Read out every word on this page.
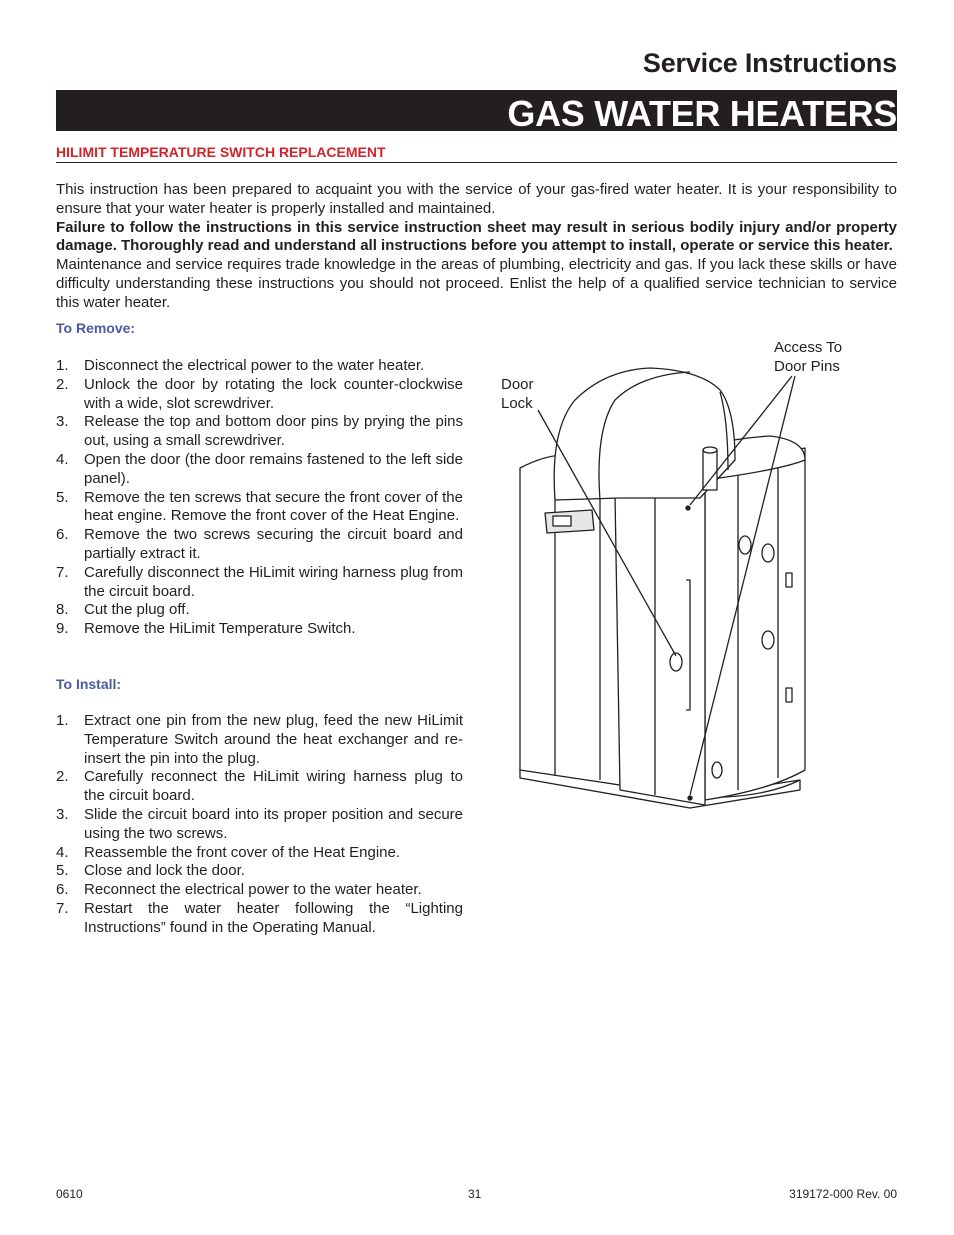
Service Instructions
GAS WATER HEATERS
HILIMIT TEMPERATURE SWITCH REPLACEMENT

This instruction has been prepared to acquaint you with the service of your gas-fired water heater. It is your responsibility to ensure that your water heater is properly installed and maintained.

Failure to follow the instructions in this service instruction sheet may result in serious bodily injury and/or property damage. Thoroughly read and understand all instructions before you attempt to install, operate or service this heater.

Maintenance and service requires trade knowledge in the areas of plumbing, electricity and gas. If you lack these skills or have difficulty understanding these instructions you should not proceed. Enlist the help of a qualified service technician to service this water heater.

To Remove:
1. Disconnect the electrical power to the water heater.
2. Unlock the door by rotating the lock counter-clockwise with a wide, slot screwdriver.
3. Release the top and bottom door pins by prying the pins out, using a small screwdriver.
4. Open the door (the door remains fastened to the left side panel).
5. Remove the ten screws that secure the front cover of the heat engine. Remove the front cover of the Heat Engine.
6. Remove the two screws securing the circuit board and partially extract it.
7. Carefully disconnect the HiLimit wiring harness plug from the circuit board.
8. Cut the plug off.
9. Remove the HiLimit Temperature Switch.
To Install:
1. Extract one pin from the new plug, feed the new HiLimit Temperature Switch around the heat exchanger and re-insert the pin into the plug.
2. Carefully reconnect the HiLimit wiring harness plug to the circuit board.
3. Slide the circuit board into its proper position and secure using the two screws.
4. Reassemble the front cover of the Heat Engine.
5. Close and lock the door.
6. Reconnect the electrical power to the water heater.
7. Restart the water heater following the “Lighting Instructions” found in the Operating Manual.
Door
Lock
Access To
Door Pins
0610	31	319172-000 Rev. 00
